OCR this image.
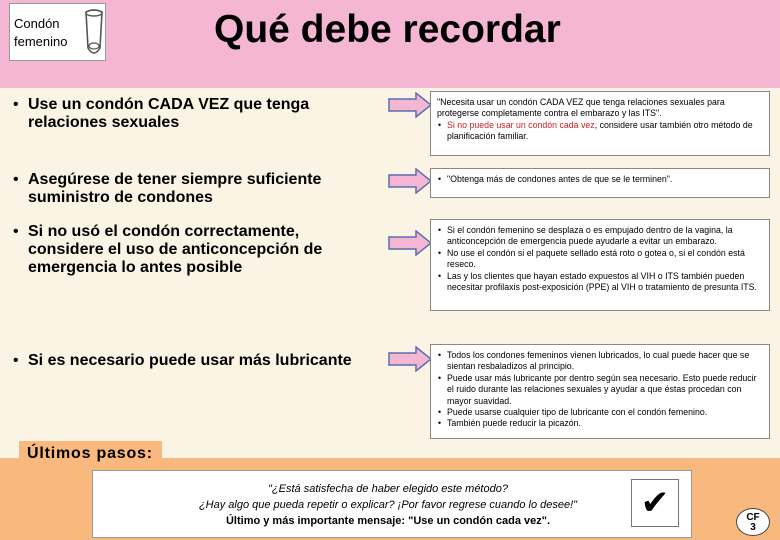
Condón
femenino	Qué debe recordar
• Use un condón CADA VEZ que tenga relaciones sexuales
"Necesita usar un condón CADA VEZ que tenga relaciones sexuales para protegerse completamente contra el embarazo y las ITS".
• Si no puede usar un condón cada vez, considere usar también otro método de planificación familiar.
• Asegúrese de tener siempre suficiente suministro de condones
• "Obtenga más de condones antes de que se le terminen".
• Si no usó el condón correctamente, considere el uso de anticoncepción de emergencia lo antes posible
• Si el condón femenino se desplaza o es empujado dentro de la vagina, la anticoncepción de emergencia puede ayudarle a evitar un embarazo.
• No use el condón si el paquete sellado está roto o gotea o, si el condón está reseco.
• Las y los clientes que hayan estado expuestos al VIH o ITS también pueden necesitar profilaxis post-exposición (PPE) al VIH o tratamiento de presunta ITS.
• Si es necesario puede usar más lubricante
•	Todos los condones femeninos vienen lubricados, lo cual puede hacer que se sientan resbaladizos al principio.
• Puede usar más lubricante por dentro según sea necesario. Esto puede reducir el ruido durante las relaciones sexuales y ayudar a que éstas procedan con mayor suavidad.
• Puede usarse cualquier tipo de lubricante con el condón femenino.
• También puede reducir la picazón.
Últimos pasos:
"¿Está satisfecha de haber elegido este método?
¿Hay algo que pueda repetir o explicar? ¡Por favor regrese cuando lo desee!"
Último y más importante mensaje: "Use un condón cada vez".	✔	CF
3
